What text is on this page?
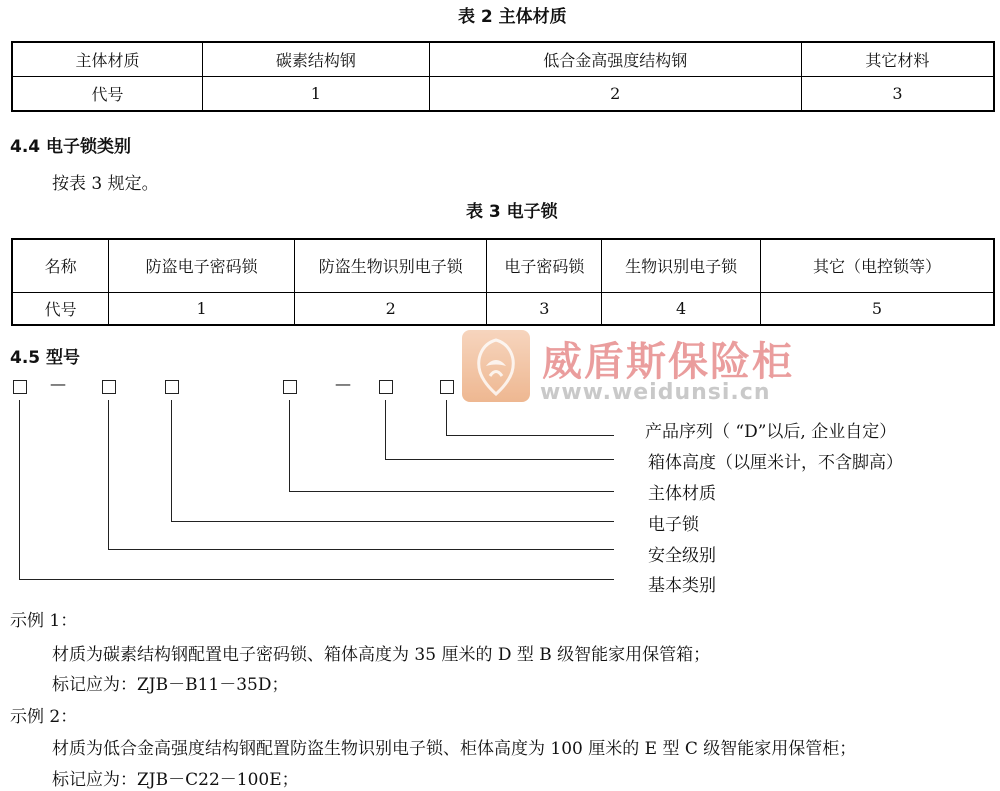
表 2 主体材质
主体材质	碳素结构钢	低合金高强度结构钢	其它材料
代号	1	2	3
4.4 电子锁类别
按表 3 规定。
表 3 电子锁
名称	防盗电子密码锁	防盗生物识别电子锁	电子密码锁	生物识别电子锁	其它（电控锁等）
代号	1	2	3	4	5
威盾斯保险柜
www.weidunsi.cn
4.5 型号
—	—
产品序列（ “D”以后, 企业自定）
箱体高度（以厘米计，不含脚高）
主体材质
电子锁
安全级别
基本类别
示例 1：
材质为碳素结构钢配置电子密码锁、箱体高度为 35 厘米的 D 型 B 级智能家用保管箱；
标记应为：ZJB－B11－35D；
示例 2：
材质为低合金高强度结构钢配置防盗生物识别电子锁、柜体高度为 100 厘米的 E 型 C 级智能家用保管柜；
标记应为：ZJB－C22－100E；
